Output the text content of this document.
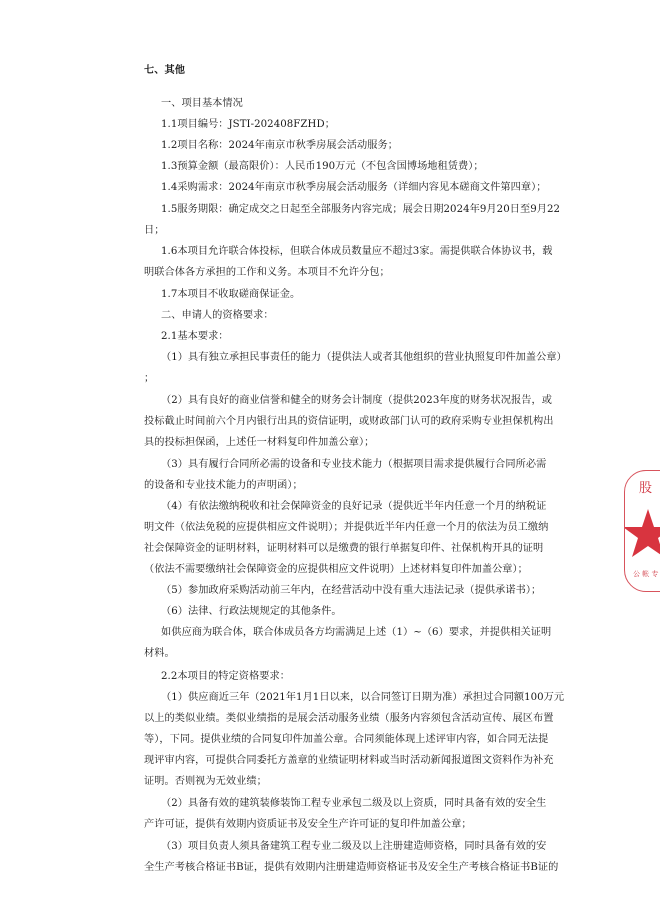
七、其他

一、项目基本情况

1.1项目编号：JSTI-202408FZHD；

1.2项目名称：2024年南京市秋季房展会活动服务；

1.3预算金额（最高限价）：人民币190万元（不包含国博场地租赁费）；

1.4采购需求：2024年南京市秋季房展会活动服务（详细内容见本磋商文件第四章）；

1.5服务期限：确定成交之日起至全部服务内容完成；展会日期2024年9月20日至9月22

日；

1.6本项目允许联合体投标，但联合体成员数量应不超过3家。需提供联合体协议书，载

明联合体各方承担的工作和义务。本项目不允许分包；

1.7本项目不收取磋商保证金。

二、申请人的资格要求：

2.1基本要求：

（1）具有独立承担民事责任的能力（提供法人或者其他组织的营业执照复印件加盖公章）

；

（2）具有良好的商业信誉和健全的财务会计制度（提供2023年度的财务状况报告，或

投标截止时间前六个月内银行出具的资信证明，或财政部门认可的政府采购专业担保机构出

具的投标担保函，上述任一材料复印件加盖公章）；

（3）具有履行合同所必需的设备和专业技术能力（根据项目需求提供履行合同所必需

的设备和专业技术能力的声明函）；

（4）有依法缴纳税收和社会保障资金的良好记录（提供近半年内任意一个月的纳税证

明文件（依法免税的应提供相应文件说明）；并提供近半年内任意一个月的依法为员工缴纳

社会保障资金的证明材料，证明材料可以是缴费的银行单据复印件、社保机构开具的证明

（依法不需要缴纳社会保障资金的应提供相应文件说明）上述材料复印件加盖公章）；

（5）参加政府采购活动前三年内，在经营活动中没有重大违法记录（提供承诺书）；

（6）法律、行政法规规定的其他条件。

如供应商为联合体，联合体成员各方均需满足上述（1）~（6）要求，并提供相关证明

材料。

2.2本项目的特定资格要求：

（1）供应商近三年（2021年1月1日以来，以合同签订日期为准）承担过合同额100万元

以上的类似业绩。类似业绩指的是展会活动服务业绩（服务内容须包含活动宣传、展区布置

等），下同。提供业绩的合同复印件加盖公章。合同须能体现上述评审内容，如合同无法提

现评审内容，可提供合同委托方盖章的业绩证明材料或当时活动新闻报道图文资料作为补充

证明。否则视为无效业绩；

（2）具备有效的建筑装修装饰工程专业承包二级及以上资质，同时具备有效的安全生

产许可证，提供有效期内资质证书及安全生产许可证的复印件加盖公章；

（3）项目负责人须具备建筑工程专业二级及以上注册建造师资格，同时具备有效的安

全生产考核合格证书B证，提供有效期内注册建造师资格证书及安全生产考核合格证书B证的

股
公 帐 专
